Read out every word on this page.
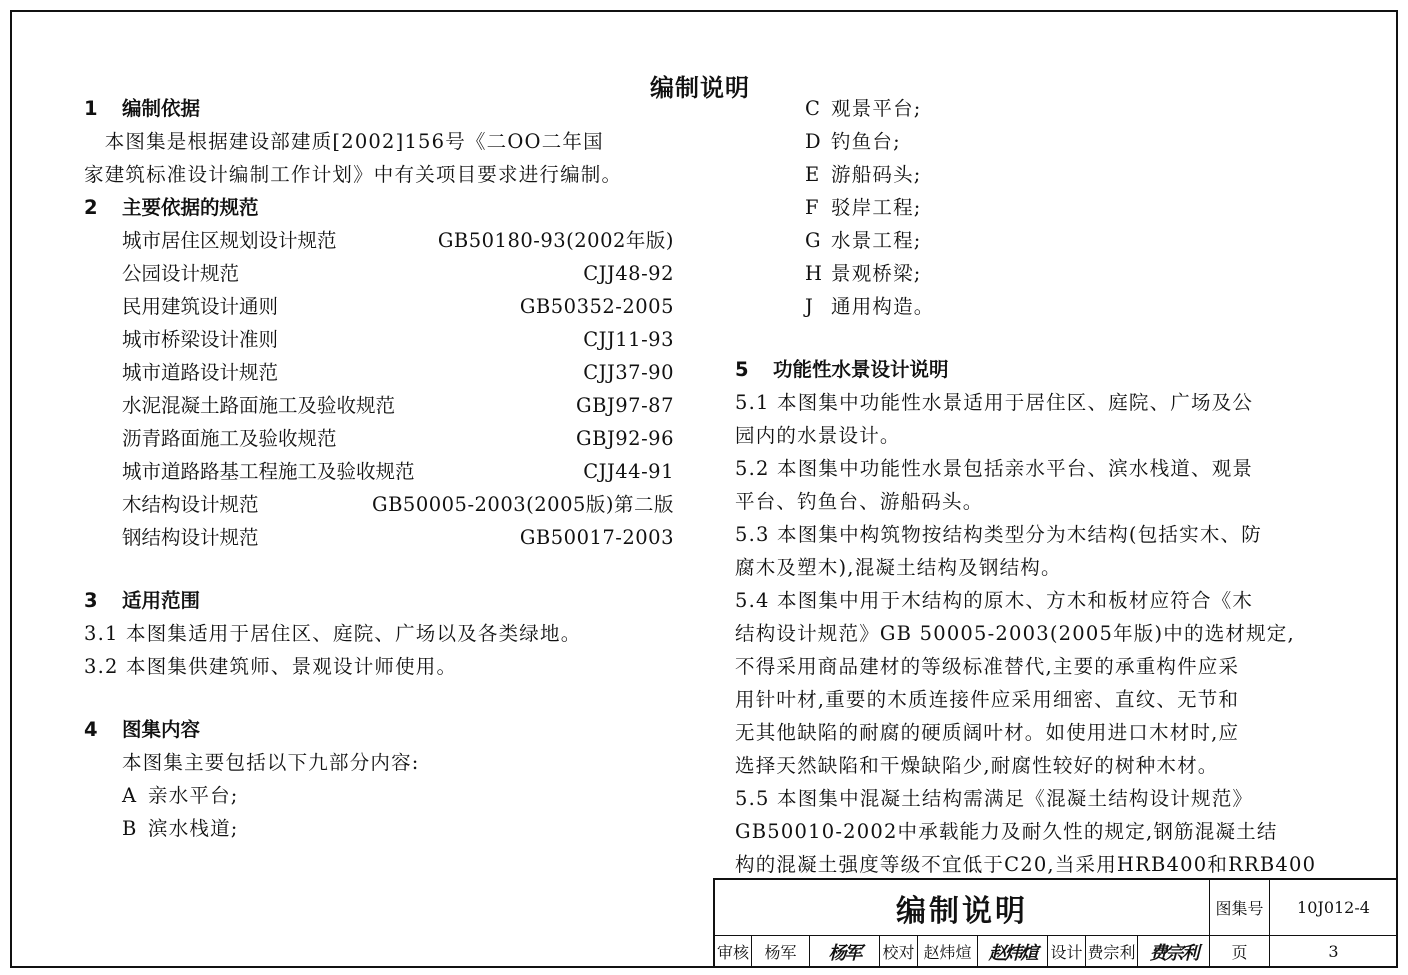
编制说明
1 编制依据
　本图集是根据建设部建质[2002]156号《二OO二年国
家建筑标准设计编制工作计划》中有关项目要求进行编制。
2 主要依据的规范
城市居住区规划设计规范	GB50180-93(2002年版)
公园设计规范	CJJ48-92
民用建筑设计通则	GB50352-2005
城市桥梁设计准则	CJJ11-93
城市道路设计规范	CJJ37-90
水泥混凝土路面施工及验收规范	GBJ97-87
沥青路面施工及验收规范	GBJ92-96
城市道路路基工程施工及验收规范	CJJ44-91
木结构设计规范	GB50005-2003(2005版)第二版
钢结构设计规范	GB50017-2003
3 适用范围
3.1 本图集适用于居住区、庭院、广场以及各类绿地。
3.2 本图集供建筑师、景观设计师使用。
4 图集内容
本图集主要包括以下九部分内容:
A 亲水平台;
B 滨水栈道;
C 观景平台;
D 钓鱼台;
E 游船码头;
F 驳岸工程;
G 水景工程;
H 景观桥梁;
J 通用构造。
5 功能性水景设计说明
5.1 本图集中功能性水景适用于居住区、庭院、广场及公
园内的水景设计。
5.2 本图集中功能性水景包括亲水平台、滨水栈道、观景
平台、钓鱼台、游船码头。
5.3 本图集中构筑物按结构类型分为木结构(包括实木、防
腐木及塑木),混凝土结构及钢结构。
5.4 本图集中用于木结构的原木、方木和板材应符合《木
结构设计规范》GB 50005-2003(2005年版)中的选材规定,
不得采用商品建材的等级标准替代,主要的承重构件应采
用针叶材,重要的木质连接件应采用细密、直纹、无节和
无其他缺陷的耐腐的硬质阔叶材。如使用进口木材时,应
选择天然缺陷和干燥缺陷少,耐腐性较好的树种木材。
5.5 本图集中混凝土结构需满足《混凝土结构设计规范》
GB50010-2002中承载能力及耐久性的规定,钢筋混凝土结
构的混凝土强度等级不宜低于C20,当采用HRB400和RRB400
编制说明	图集号	10J012-4
审核 杨军	杨军	校对 赵炜煊 赵炜煊 设计 费宗利 费宗利	页	3
